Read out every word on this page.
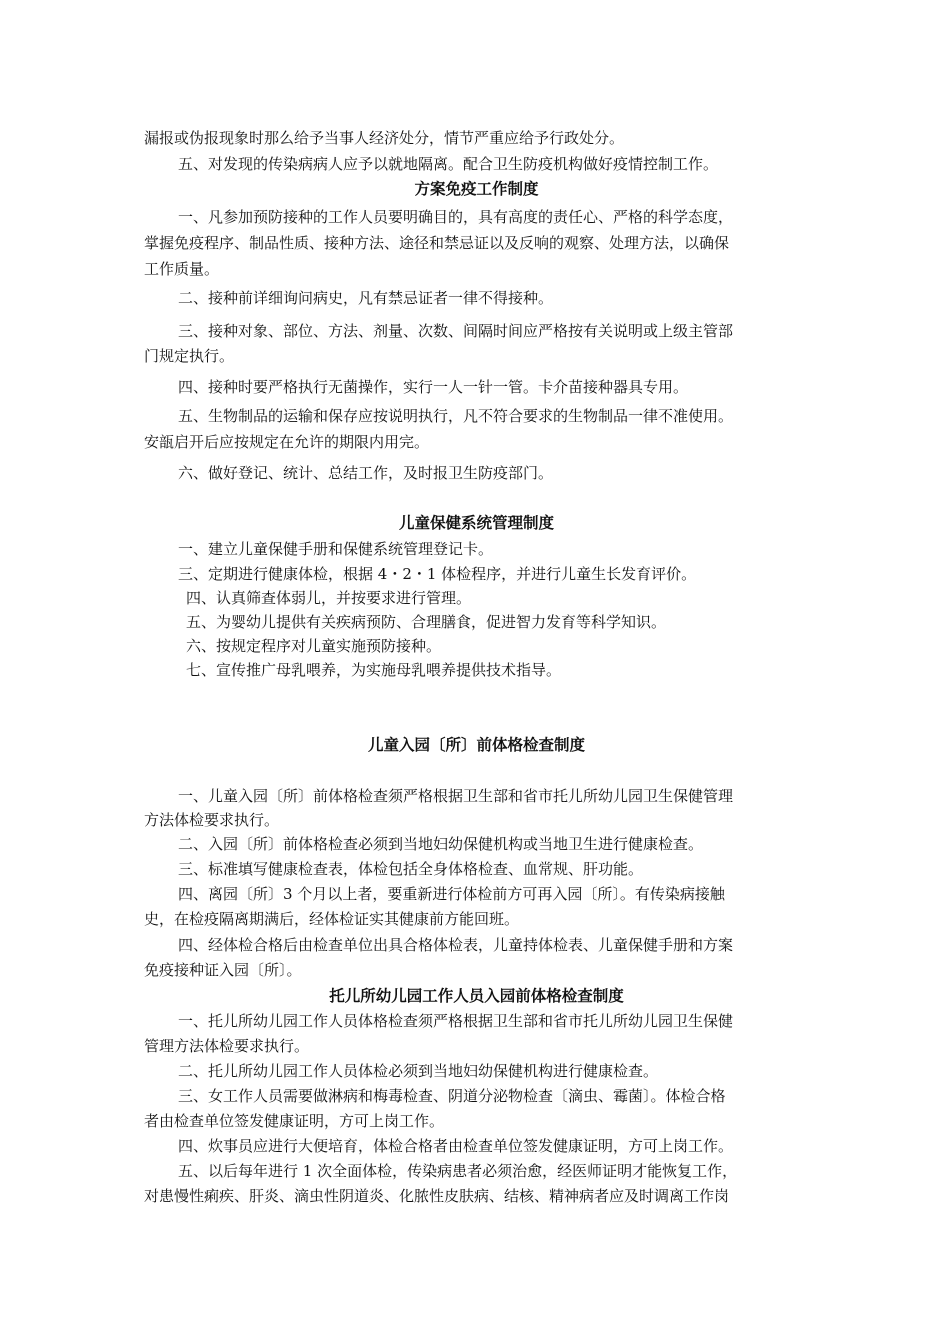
漏报或伪报现象时那么给予当事人经济处分，情节严重应给予行政处分。
五、对发现的传染病病人应予以就地隔离。配合卫生防疫机构做好疫情控制工作。
方案免疫工作制度
一、凡参加预防接种的工作人员要明确目的，具有高度的责任心、严格的科学态度，
掌握免疫程序、制品性质、接种方法、途径和禁忌证以及反响的观察、处理方法，以确保
工作质量。
二、接种前详细询问病史，凡有禁忌证者一律不得接种。
三、接种对象、部位、方法、剂量、次数、间隔时间应严格按有关说明或上级主管部
门规定执行。
四、接种时要严格执行无菌操作，实行一人一针一管。卡介苗接种器具专用。
五、生物制品的运输和保存应按说明执行，凡不符合要求的生物制品一律不准使用。
安瓿启开后应按规定在允许的期限内用完。
六、做好登记、统计、总结工作，及时报卫生防疫部门。
儿童保健系统管理制度
一、建立儿童保健手册和保健系统管理登记卡。
三、定期进行健康体检，根据 4・2・1 体检程序，并进行儿童生长发育评价。
四、认真筛查体弱儿，并按要求进行管理。
五、为婴幼儿提供有关疾病预防、合理膳食，促进智力发育等科学知识。
六、按规定程序对儿童实施预防接种。
七、宣传推广母乳喂养，为实施母乳喂养提供技术指导。
儿童入园〔所〕前体格检查制度
一、儿童入园〔所〕前体格检查须严格根据卫生部和省市托儿所幼儿园卫生保健管理
方法体检要求执行。
二、入园〔所〕前体格检查必须到当地妇幼保健机构或当地卫生进行健康检查。
三、标准填写健康检查表，体检包括全身体格检查、血常规、肝功能。
四、离园〔所〕3 个月以上者，要重新进行体检前方可再入园〔所〕。有传染病接触
史，在检疫隔离期满后，经体检证实其健康前方能回班。
四、经体检合格后由检查单位出具合格体检表，儿童持体检表、儿童保健手册和方案
免疫接种证入园〔所〕。
托儿所幼儿园工作人员入园前体格检查制度
一、托儿所幼儿园工作人员体格检查须严格根据卫生部和省市托儿所幼儿园卫生保健
管理方法体检要求执行。
二、托儿所幼儿园工作人员体检必须到当地妇幼保健机构进行健康检查。
三、女工作人员需要做淋病和梅毒检查、阴道分泌物检查〔滴虫、霉菌〕。体检合格
者由检查单位签发健康证明，方可上岗工作。
四、炊事员应进行大便培育，体检合格者由检查单位签发健康证明，方可上岗工作。
五、以后每年进行 1 次全面体检，传染病患者必须治愈，经医师证明才能恢复工作，
对患慢性痢疾、肝炎、滴虫性阴道炎、化脓性皮肤病、结核、精神病者应及时调离工作岗
